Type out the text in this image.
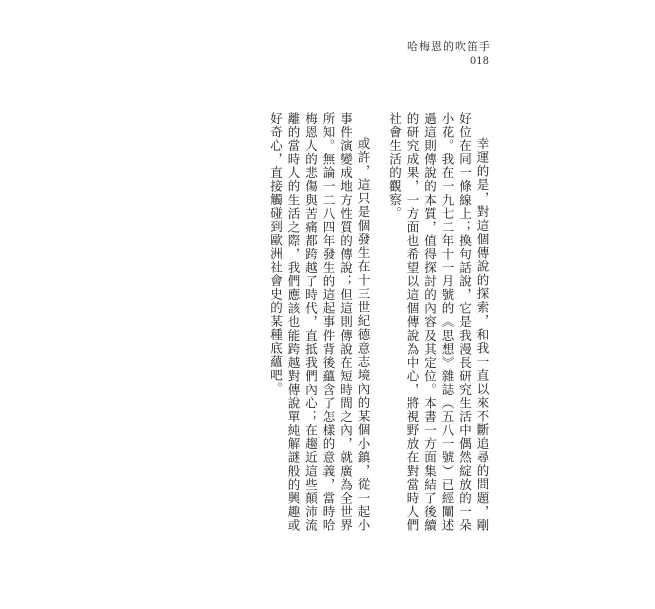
哈梅恩的吹笛手
018

幸運的是，對這個傳說的探索，和我一直以來不斷追尋的問題，剛好位在同一條線上；換句話說，它是我漫長研究生活中偶然綻放的一朵小花。我在一九七二年十一月號的《思想》雜誌（五八一號）已經闡述過這則傳說的本質，值得探討的內容及其定位。本書一方面集結了後續的研究成果，一方面也希望以這個傳說為中心，將視野放在對當時人們社會生活的觀察。

或許，這只是個發生在十三世紀德意志境內的某個小鎮，從一起小事件演變成地方性質的傳說；但這則傳說在短時間之內，就廣為全世界所知。無論一二八四年發生的這起事件背後蘊含了怎樣的意義，當時哈梅恩人的悲傷與苦痛都跨越了時代，直抵我們內心；在趨近這些顛沛流離的當時人的生活之際，我們應該也能跨越對傳說單純解謎般的興趣或好奇心，直接觸碰到歐洲社會史的某種底蘊吧。
